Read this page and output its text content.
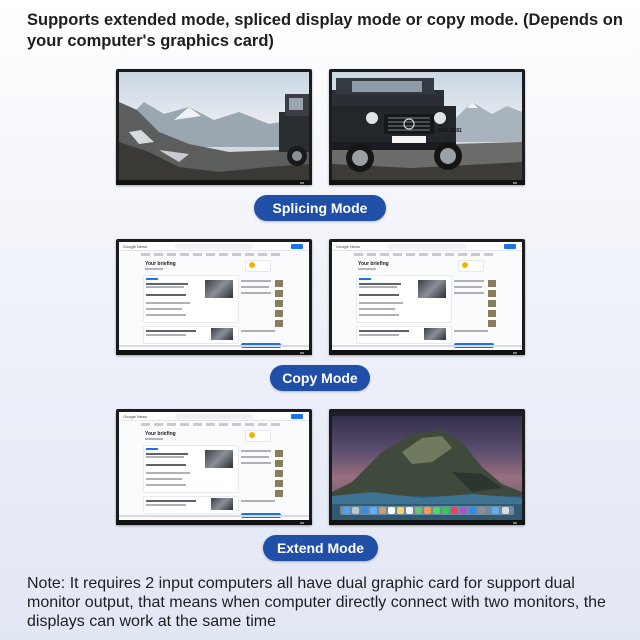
Supports extended mode, spliced display mode or copy mode. (Depends on your computer's graphics card)
S-FL 3581
Splicing Mode
Google News
Your briefing
Google News
Your briefing
Copy Mode
Google News
Your briefing
Extend Mode
Note: It requires 2 input computers all have dual graphic card for support dual monitor output, that means when computer directly connect with two monitors, the displays can work at the same time
